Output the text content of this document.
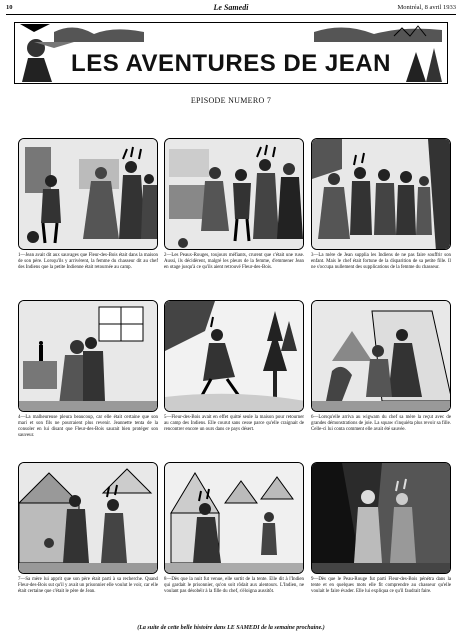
10	Le Samedi	Montréal, 8 avril 1933
LES AVENTURES DE JEAN
EPISODE NUMERO 7
1—Jean avait dit aux sauvages que Fleur-des-Bois était dans la maison de son père. Lorsqu'ils y arrivèrent, la femme du chasseur dit au chef des Indiens que la petite Indienne était retournée au camp.
2—Les Peaux-Rouges, toujours méfiants, crurent que c'était une ruse. Aussi, ils décidèrent, malgré les pleurs de la femme, d'emmener Jean en otage jusqu'à ce qu'ils aient retrouvé Fleur-des-Bois.
3—La mère de Jean supplia les Indiens de ne pas faire souffrir son enfant. Mais le chef était fortune de la disparition de sa petite fille. Il ne s'occupa nullement des supplications de la femme du chasseur.
4—La malheureuse pleura beaucoup, car elle était certaine que son mari et son fils ne pourraient plus revenir. Jeannette tenta de la consoler en lui disant que Fleur-des-Bois saurait bien protéger son sauveur.
5—Fleur-des-Bois avait en effet quitté seule la maison pour retourner au camp des Indiens. Elle courut sans cesse parce qu'elle craignait de rencontrer encore un ours dans ce pays désert.
6—Lorsqu'elle arriva au wigwam du chef sa mère la reçut avec de grandes démonstrations de joie. La squaw s'inquiéta plus revoir sa fille. Celle-ci lui conta comment elle avait été sauvée.
7—Sa mère lui apprit que son père était parti à sa recherche. Quand Fleur-des-Bois sut qu'il y avait un prisonnier elle voulut le voir, car elle était certaine que c'était le père de Jean.
8—Dès que la nuit fut venue, elle sortit de la tente. Elle dit à l'Indien qui gardait le prisonnier, qu'on soit rôdait aux alentours. L'Indien, ne voulant pas désobéir à la fille du chef, s'éloigna aussitôt.
9—Dès que le Peau-Rouge fut parti Fleur-des-Bois pénétra dans la tente et en quelques mots elle fit comprendre au chasseur qu'elle voulait le faire évader. Elle lui expliqua ce qu'il faudrait faire.
(La suite de cette belle histoire dans LE SAMEDI de la semaine prochaine.)
